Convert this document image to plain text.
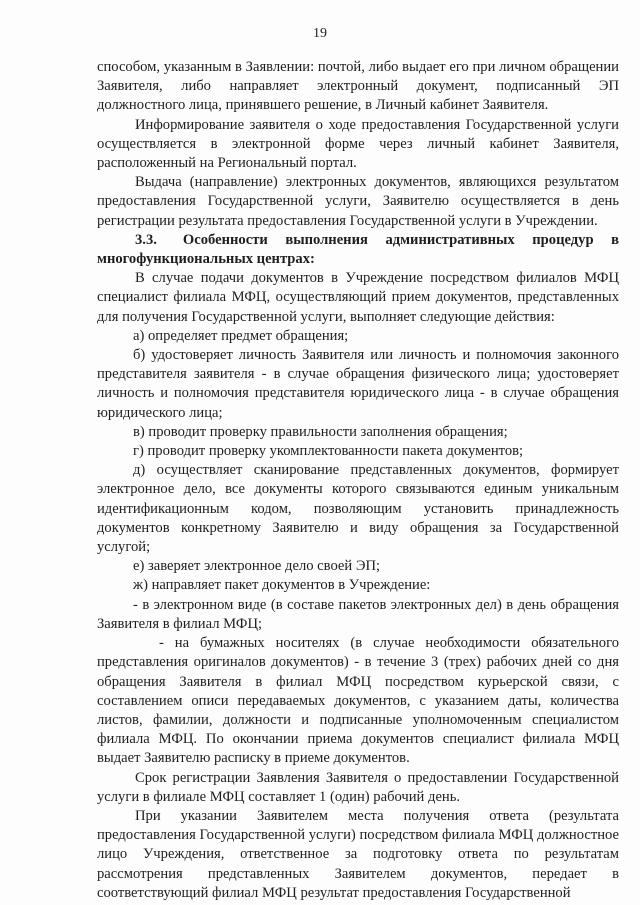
19

способом, указанным в Заявлении: почтой, либо выдает его при личном обращении Заявителя, либо направляет электронный документ, подписанный ЭП должностного лица, принявшего решение, в Личный кабинет Заявителя.

Информирование заявителя о ходе предоставления Государственной услуги осуществляется в электронной форме через личный кабинет Заявителя, расположенный на Региональный портал.

Выдача (направление) электронных документов, являющихся результатом предоставления Государственной услуги, Заявителю осуществляется в день регистрации результата предоставления Государственной услуги в Учреждении.

3.3. Особенности выполнения административных процедур в многофункциональных центрах:

В случае подачи документов в Учреждение посредством филиалов МФЦ специалист филиала МФЦ, осуществляющий прием документов, представленных для получения Государственной услуги, выполняет следующие действия:

а) определяет предмет обращения;

б) удостоверяет личность Заявителя или личность и полномочия законного представителя заявителя - в случае обращения физического лица; удостоверяет личность и полномочия представителя юридического лица - в случае обращения юридического лица;

в) проводит проверку правильности заполнения обращения;

г) проводит проверку укомплектованности пакета документов;

д) осуществляет сканирование представленных документов, формирует электронное дело, все документы которого связываются единым уникальным идентификационным кодом, позволяющим установить принадлежность документов конкретному Заявителю и виду обращения за Государственной услугой;

е) заверяет электронное дело своей ЭП;

ж) направляет пакет документов в Учреждение:

- в электронном виде (в составе пакетов электронных дел) в день обращения Заявителя в филиал МФЦ;

- на бумажных носителях (в случае необходимости обязательного представления оригиналов документов) - в течение 3 (трех) рабочих дней со дня обращения Заявителя в филиал МФЦ посредством курьерской связи, с составлением описи передаваемых документов, с указанием даты, количества листов, фамилии, должности и подписанные уполномоченным специалистом филиала МФЦ. По окончании приема документов специалист филиала МФЦ выдает Заявителю расписку в приеме документов.

Срок регистрации Заявления Заявителя о предоставлении Государственной услуги в филиале МФЦ составляет 1 (один) рабочий день.

При указании Заявителем места получения ответа (результата предоставления Государственной услуги) посредством филиала МФЦ должностное лицо Учреждения, ответственное за подготовку ответа по результатам рассмотрения представленных Заявителем документов, передает в соответствующий филиал МФЦ результат предоставления Государственной
